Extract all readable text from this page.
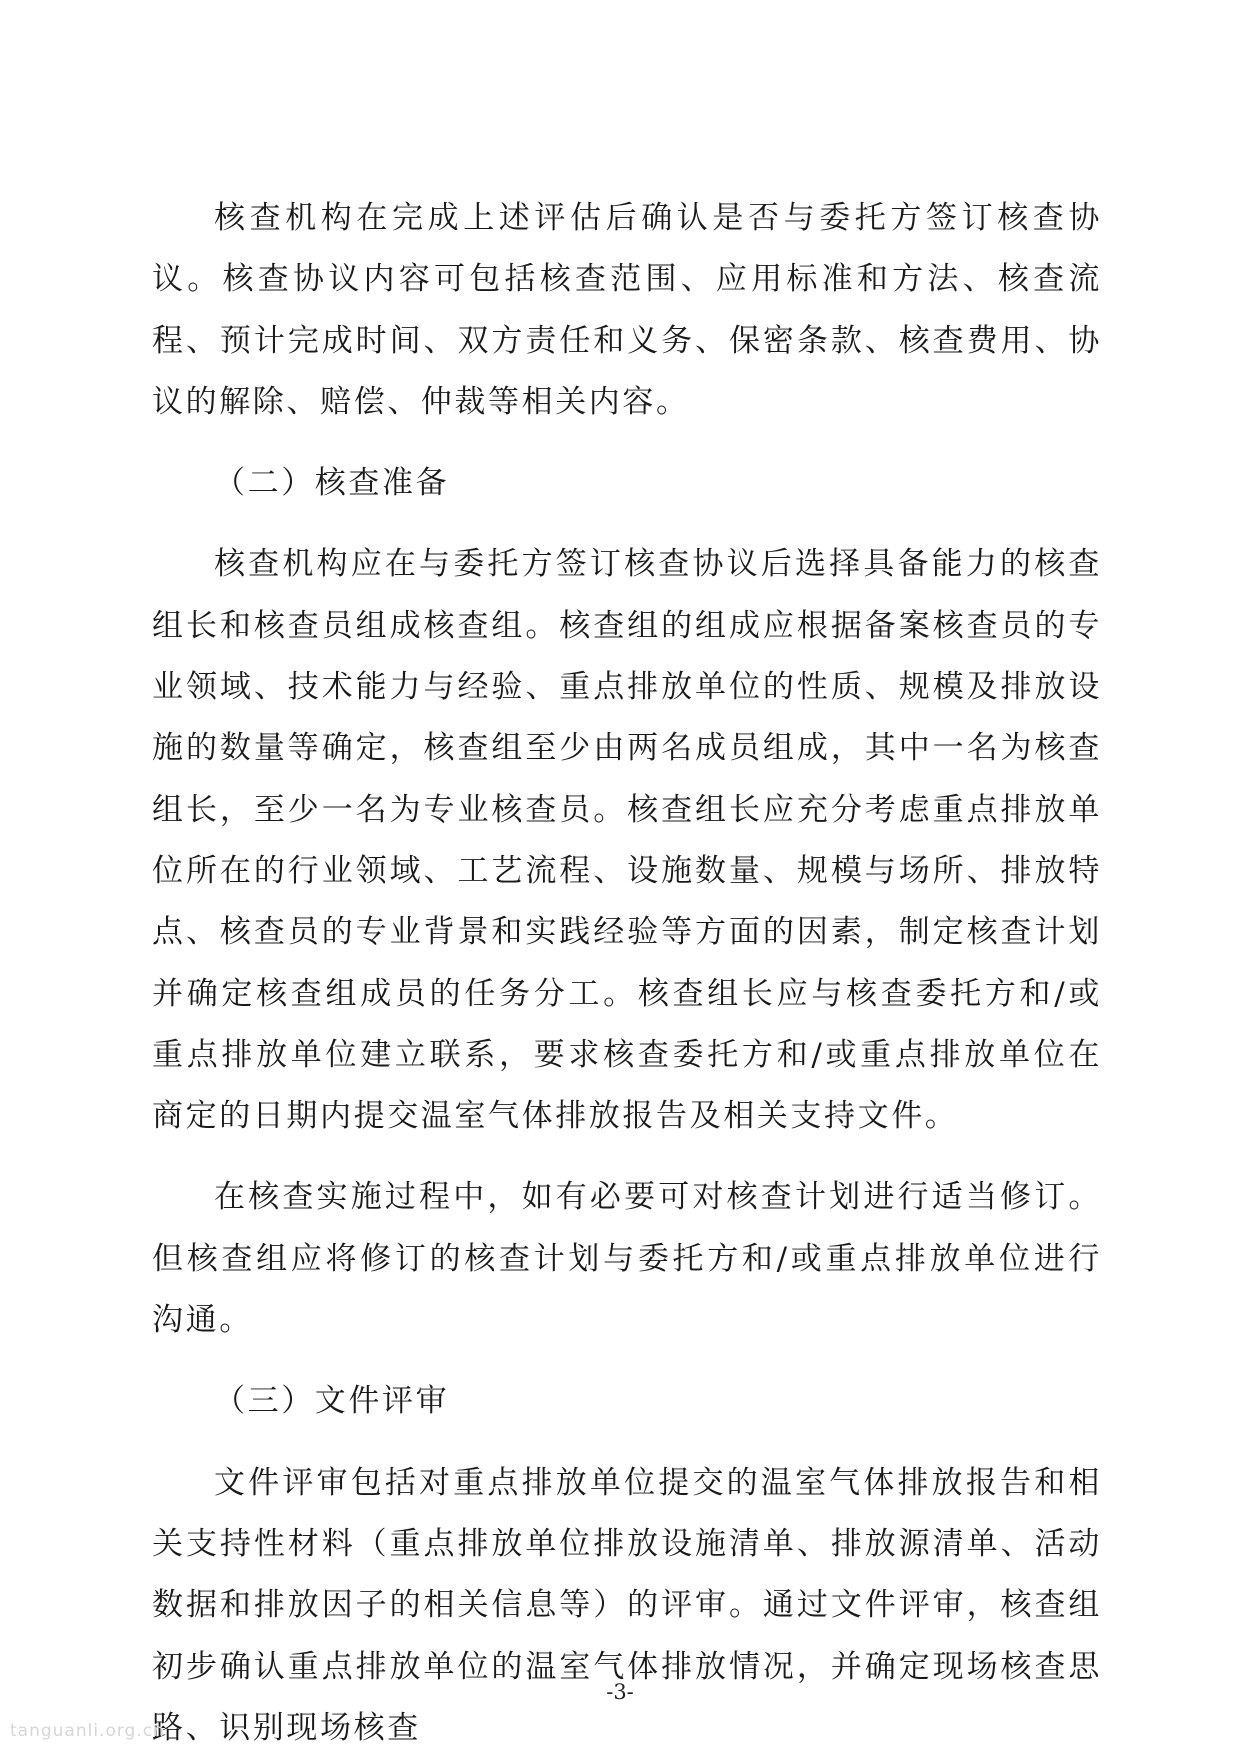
核查机构在完成上述评估后确认是否与委托方签订核查协议。核查协议内容可包括核查范围、应用标准和方法、核查流程、预计完成时间、双方责任和义务、保密条款、核查费用、协议的解除、赔偿、仲裁等相关内容。

（二）核查准备

核查机构应在与委托方签订核查协议后选择具备能力的核查组长和核查员组成核查组。核查组的组成应根据备案核查员的专业领域、技术能力与经验、重点排放单位的性质、规模及排放设施的数量等确定，核查组至少由两名成员组成，其中一名为核查组长，至少一名为专业核查员。核查组长应充分考虑重点排放单位所在的行业领域、工艺流程、设施数量、规模与场所、排放特点、核查员的专业背景和实践经验等方面的因素，制定核查计划并确定核查组成员的任务分工。核查组长应与核查委托方和/或重点排放单位建立联系，要求核查委托方和/或重点排放单位在商定的日期内提交温室气体排放报告及相关支持文件。

在核查实施过程中，如有必要可对核查计划进行适当修订。但核查组应将修订的核查计划与委托方和/或重点排放单位进行沟通。

（三）文件评审

文件评审包括对重点排放单位提交的温室气体排放报告和相关支持性材料（重点排放单位排放设施清单、排放源清单、活动数据和排放因子的相关信息等）的评审。通过文件评审，核查组初步确认重点排放单位的温室气体排放情况，并确定现场核查思路、识别现场核查

-3-
tanguanli.org.cn
